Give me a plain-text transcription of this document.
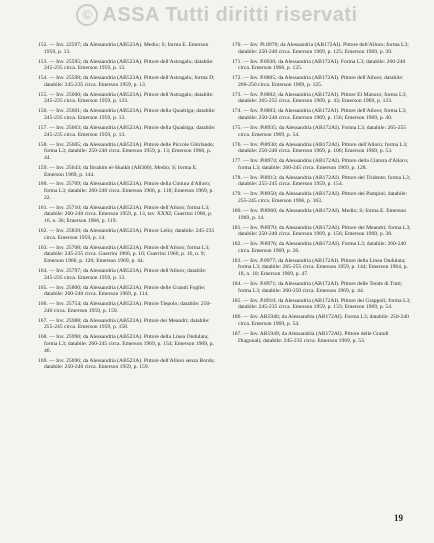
© ASSA Tutti diritti riservati

152. — Inv. 22597; da Alessandria (AB523A). Medio; S; forma E. Emerson 1959, p. 13.

153. — Inv. 25595; da Alessandria (AB523A). Pittore dell'Astragalo; databile: 245-235 circa. Emerson 1959, p. 13.

154. — Inv. 25598; da Alessandria (AB523A). Pittore dell'Astragalo; forma D; databile: 245-235 circa. Emerson 1959, p. 13.

155. — Inv. 25600; da Alessandria (AB523A). Pittore dell'Astragalo; databile: 245-235 circa. Emerson 1959, p. 133.

156. — Inv. 25601; da Alessandria (AB523A). Pittore della Quadriga; databile: 245-235 circa. Emerson 1959, p. 13.

157. — Inv. 25603; da Alessandria (AB523A). Pittore della Quadriga; databile: 245-235 circa. Emerson 1959, p. 13.

158. — Inv. 25605; da Alessandria (AB523A). Pittore delle Piccole Ghirlande; forma L3; databile: 250-240 circa. Emerson 1959, p. 13; Emerson 1966, p. 44.

159. — Inv. 25643; da Ibrahim el-Shaikh (AB300). Medio; S; forma E. Emerson 1969, p. 144.

160. — Inv. 25709; da Alessandria (AB523A). Pittore della Cintura d'Alloro; forma L3; databile: 260-240 circa. Emerson 1966, p. 118; Emerson 1969, p. 22.

161. — Inv. 25710; da Alessandria (AB523A). Pittore dell'Alloro; forma L3; databile: 260-240 circa. Emerson 1959, p. 13, tav. XXXI; Guerrini 1966, p. 16, n. 36; Emerson 1966, p. 119.

162. — Inv. 25839; da Alessandria (AB523A). Pittore Lelio; databile: 245-235 circa. Emerson 1959, p. 14.

163. — Inv. 25708; da Alessandria (AB523A). Pittore dell'Alloro; forma L3; databile: 245-235 circa. Guerrini 1966, p. 16; Guerrini 1966, p. 16, n. 9; Emerson 1966, p. 120; Emerson 1969, p. 44.

164. — Inv. 25797; da Alessandria (AB523A). Pittore dell'Alloro; databile: 245-235 circa. Emerson 1959, p. 13.

165. — Inv. 25800; da Alessandria (AB523A). Pittore delle Grandi Foglie; databile: 260-240 circa. Emerson 1969, p. 114.

166. — Inv. 25754; da Alessandria (AB523A). Pittore Tiepolo; databile: 250-240 circa. Emerson 1959, p. 159.

167. — Inv. 25988; da Alessandria (AB523A). Pittore dei Meandri; databile: 255-245 circa. Emerson 1959, p. 158.

168. — Inv. 25990; da Alessandria (AB523A). Pittore della Linea Ondulata; forma L3; databile: 260-245 circa. Emerson 1969, p. 154; Emerson 1969, p. 46.

169. — Inv. 25696; da Alessandria (AB523A). Pittore dell'Alloro senza Bordo; databile: 250-240 circa. Emerson 1959, p. 159.

170. — Inv. Pl.8970; da Alessandria (AB172AI). Pittore dell'Alloro; forma L3; databile: 250-240 circa. Emerson 1969, p. 125; Emerson 1969, p. 39.

171. — Inv. P.8930; da Alessandria (AB172AI). Forma L3; databile: 260-240 circa. Emerson 1966, p. 125.

172. — Inv. P.8805; da Alessandria (AB172AI). Pittore dell'Alloro; databile: 260-250 circa. Emerson 1969, p. 125.

173. — Inv. P.8802; da Alessandria (AB172AI). Pittore El Manuro; forma L3; databile: 265-255 circa. Emerson 1969, p. 43; Emerson 1969, p. 133.

174. — Inv. P.8803; da Alessandria (AB172AI). Pittore dell'Alloro; forma L3; databile: 250-240 circa. Emerson 1969, p. 156; Emerson 1969, p. 40.

175. — Inv. Pi8935; da Alessandria (AB172AI). Forma L3; databile: 265-255 circa. Emerson 1969, p. 54.

176. — Inv. Pi8930; da Alessandria (AB172AI). Pittore dell'Alloro; forma L3; databile: 250-240 circa. Emerson 1969, p. 106; Emerson 1969, p. 53.

177. — Inv. Pi8974; da Alessandria (AB172AI). Pittore della Cintura d'Alloro; forma L3; databile: 260-245 circa. Emerson 1969, p. 128.

178. — Inv. Pi8913; da Alessandria (AB172AI). Pittore del Tridente; forma L3; databile: 255-245 circa. Emerson 1959, p. 154.

179. — Inv. Pi8950; da Alessandria (AB172AI). Pittore dei Pampini; databile: 255-245 circa. Emerson 1966, p. 163.

180. — Inv. Pi8960; da Alessandria (AB172AI). Medio; S; forma E. Emerson 1969, p. 14.

181. — Inv. Pi8970; da Alessandria (AB172AI). Pittore dei Meandri; forma L3; databile: 250-240 circa. Emerson 1969, p. 156; Emerson 1969, p. 38.

182. — Inv. Pi8976; da Alessandria (AB172AI). Forma L3; databile: 260-240 circa. Emerson 1969, p. 26.

183. — Inv. P.8977; da Alessandria (AB172AI). Pittore della Linea Ondulata; forma L3; databile: 265-255 circa. Emerson 1959, p. 144; Emerson 1964, p. 18, n. 10; Emerson 1969, p. 47.

184. — Inv. P.8971; da Alessandria (AB172AI). Pittore delle Tende di Tutti; forma L3; databile: 260-250 circa. Emerson 1969, p. 44.

185. — Inv. P.8910; da Alessandria (AB172AI). Pittore dei Grappoli; forma L3; databile: 245-235 circa. Emerson 1959, p. 133; Emerson 1969, p. 54.

186. — Inv. AB5946; da Alessandria (AB172AI). Forma L3; databile: 250-240 circa. Emerson 1969, p. 54.

187. — Inv. AB5949; da Alessandria (AB172AI). Pittore delle Grandi Diagonali; databile: 245-235 circa. Emerson 1969, p. 53.

19
